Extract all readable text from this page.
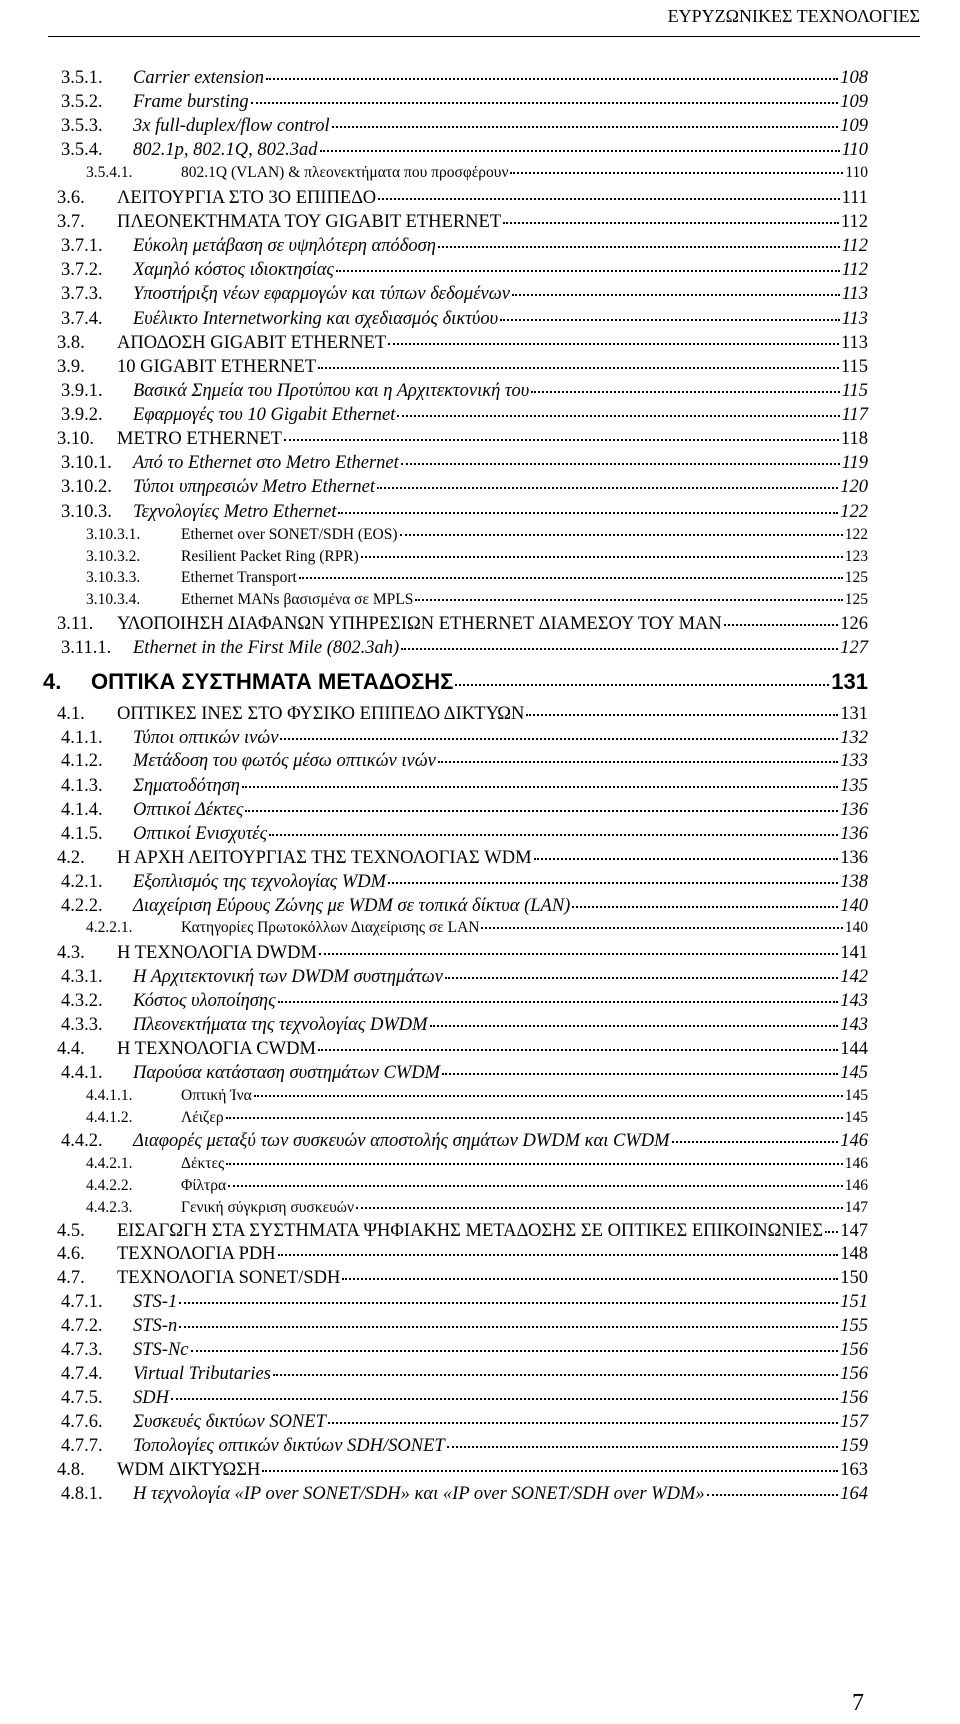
ΕΥΡΥΖΩΝΙΚΕΣ ΤΕΧΝΟΛΟΓΙΕΣ
3.5.1.	Carrier extension	108
3.5.2.	Frame bursting	109
3.5.3.	3x full-duplex/flow control	109
3.5.4.	802.1p, 802.1Q, 802.3ad	110
3.5.4.1.	802.1Q (VLAN) & πλεονεκτήματα που προσφέρουν	110
3.6.	ΛΕΙΤΟΥΡΓΙΑ ΣΤΟ 3Ο ΕΠΙΠΕΔΟ	111
3.7.	ΠΛΕΟΝΕΚΤΗΜΑΤΑ ΤΟΥ GIGABIT ETHERNET	112
3.7.1.	Εύκολη μετάβαση σε υψηλότερη απόδοση	112
3.7.2.	Χαμηλό κόστος ιδιοκτησίας	112
3.7.3.	Υποστήριξη νέων εφαρμογών και τύπων δεδομένων	113
3.7.4.	Ευέλικτο Internetworking και σχεδιασμός δικτύου	113
3.8.	ΑΠΟΔΟΣΗ GIGABIT ETHERNET	113
3.9.	10 GIGABIT ETHERNET	115
3.9.1.	Βασικά Σημεία του Προτύπου και η Αρχιτεκτονική του	115
3.9.2.	Εφαρμογές του 10 Gigabit Ethernet	117
3.10.	METRO ETHERNET	118
3.10.1.	Από το Ethernet στο Metro Ethernet	119
3.10.2.	Τύποι υπηρεσιών Metro Ethernet	120
3.10.3.	Τεχνολογίες Metro Ethernet	122
3.10.3.1.	Ethernet over SONET/SDH (EOS)	122
3.10.3.2.	Resilient Packet Ring (RPR)	123
3.10.3.3.	Ethernet Transport	125
3.10.3.4.	Ethernet MANs βασισμένα σε MPLS	125
3.11.	ΥΛΟΠΟΙΗΣΗ ΔΙΑΦΑΝΩΝ ΥΠΗΡΕΣΙΩΝ ETHERNET ΔΙΑΜΕΣΟΥ ΤΟΥ MAN	126
3.11.1.	Ethernet in the First Mile (802.3ah)	127
4.	ΟΠΤΙΚΑ ΣΥΣΤΗΜΑΤΑ ΜΕΤΑΔΟΣΗΣ	131
4.1.	ΟΠΤΙΚΕΣ ΙΝΕΣ ΣΤΟ ΦΥΣΙΚΟ ΕΠΙΠΕΔΟ ΔΙΚΤΥΩΝ	131
4.1.1.	Τύποι οπτικών ινών	132
4.1.2.	Μετάδοση του φωτός μέσω οπτικών ινών	133
4.1.3.	Σηματοδότηση	135
4.1.4.	Οπτικοί Δέκτες	136
4.1.5.	Οπτικοί Ενισχυτές	136
4.2.	Η ΑΡΧΗ ΛΕΙΤΟΥΡΓΙΑΣ ΤΗΣ ΤΕΧΝΟΛΟΓΙΑΣ WDM	136
4.2.1.	Εξοπλισμός της τεχνολογίας WDM	138
4.2.2.	Διαχείριση Εύρους Ζώνης με WDM σε τοπικά δίκτυα (LAN)	140
4.2.2.1.	Κατηγορίες Πρωτοκόλλων Διαχείρισης σε LAN	140
4.3.	Η ΤΕΧΝΟΛΟΓΙΑ DWDM	141
4.3.1.	Η Αρχιτεκτονική των DWDM συστημάτων	142
4.3.2.	Κόστος υλοποίησης	143
4.3.3.	Πλεονεκτήματα της τεχνολογίας DWDM	143
4.4.	Η ΤΕΧΝΟΛΟΓΙΑ CWDM	144
4.4.1.	Παρούσα κατάσταση συστημάτων CWDM	145
4.4.1.1.	Οπτική Ίνα	145
4.4.1.2.	Λέιζερ	145
4.4.2.	Διαφορές μεταξύ των συσκευών αποστολής σημάτων DWDM και CWDM	146
4.4.2.1.	Δέκτες	146
4.4.2.2.	Φίλτρα	146
4.4.2.3.	Γενική σύγκριση συσκευών	147
4.5.	ΕΙΣΑΓΩΓΗ ΣΤΑ ΣΥΣΤΗΜΑΤΑ ΨΗΦΙΑΚΗΣ ΜΕΤΑΔΟΣΗΣ ΣΕ ΟΠΤΙΚΕΣ ΕΠΙΚΟΙΝΩΝΙΕΣ 147
4.6.	ΤΕΧΝΟΛΟΓΙΑ PDH	148
4.7.	ΤΕΧΝΟΛΟΓΙΑ SONET/SDH	150
4.7.1.	STS-1	151
4.7.2.	STS-n	155
4.7.3.	STS-Nc	156
4.7.4.	Virtual Tributaries	156
4.7.5.	SDH	156
4.7.6.	Συσκευές δικτύων SONET	157
4.7.7.	Τοπολογίες οπτικών δικτύων SDH/SONET	159
4.8.	WDM ΔΙΚΤΥΩΣΗ	163
4.8.1.	Η τεχνολογία «IP over SONET/SDH» και «IP over SONET/SDH over WDM»	164
7
